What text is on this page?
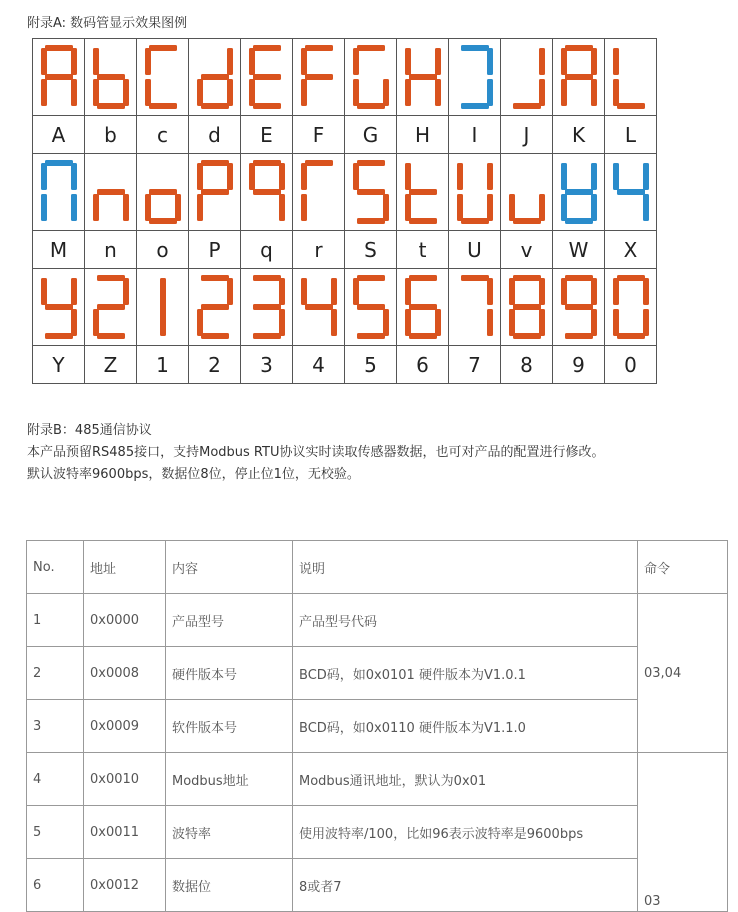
附录A: 数码管显示效果图例

A	b	c	d	E	F	G	H	I	J	K	L

M	n	o	P	q	r	S	t	U	v	W	X

Y	Z	1	2	3	4	5	6	7	8	9	0

附录B：485通信协议

本产品预留RS485接口，支持Modbus RTU协议实时读取传感器数据，也可对产品的配置进行修改。

默认波特率9600bps，数据位8位，停止位1位，无校验。

No.	地址	内容	说明	命令
1	0x0000	产品型号	产品型号代码	03,04
2	0x0008	硬件版本号	BCD码，如0x0101 硬件版本为V1.0.1	
3	0x0009	软件版本号	BCD码，如0x0110 硬件版本为V1.1.0	
4	0x0010	Modbus地址	Modbus通讯地址，默认为0x01	03
5	0x0011	波特率	使用波特率/100，比如96表示波特率是9600bps	
6	0x0012	数据位	8或者7	
